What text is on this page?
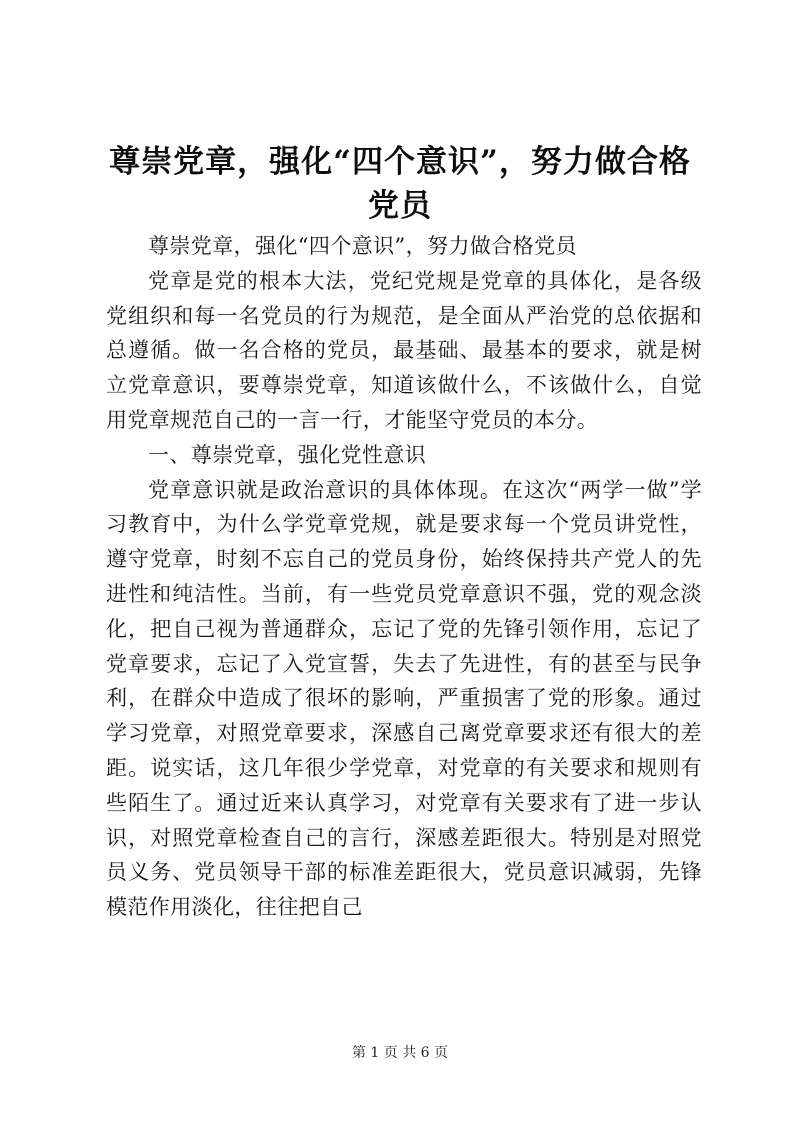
尊崇党章，强化“四个意识”，努力做合格党员

尊崇党章，强化“四个意识”，努力做合格党员

党章是党的根本大法，党纪党规是党章的具体化，是各级党组织和每一名党员的行为规范，是全面从严治党的总依据和总遵循。做一名合格的党员，最基础、最基本的要求，就是树立党章意识，要尊崇党章，知道该做什么，不该做什么，自觉用党章规范自己的一言一行，才能坚守党员的本分。

一、尊崇党章，强化党性意识

党章意识就是政治意识的具体体现。在这次“两学一做”学习教育中，为什么学党章党规，就是要求每一个党员讲党性，遵守党章，时刻不忘自己的党员身份，始终保持共产党人的先进性和纯洁性。当前，有一些党员党章意识不强，党的观念淡化，把自己视为普通群众，忘记了党的先锋引领作用，忘记了党章要求，忘记了入党宣誓，失去了先进性，有的甚至与民争利，在群众中造成了很坏的影响，严重损害了党的形象。通过学习党章，对照党章要求，深感自己离党章要求还有很大的差距。说实话，这几年很少学党章，对党章的有关要求和规则有些陌生了。通过近来认真学习，对党章有关要求有了进一步认识，对照党章检查自己的言行，深感差距很大。特别是对照党员义务、党员领导干部的标准差距很大，党员意识减弱，先锋模范作用淡化，往往把自己

第 1 页 共 6 页
